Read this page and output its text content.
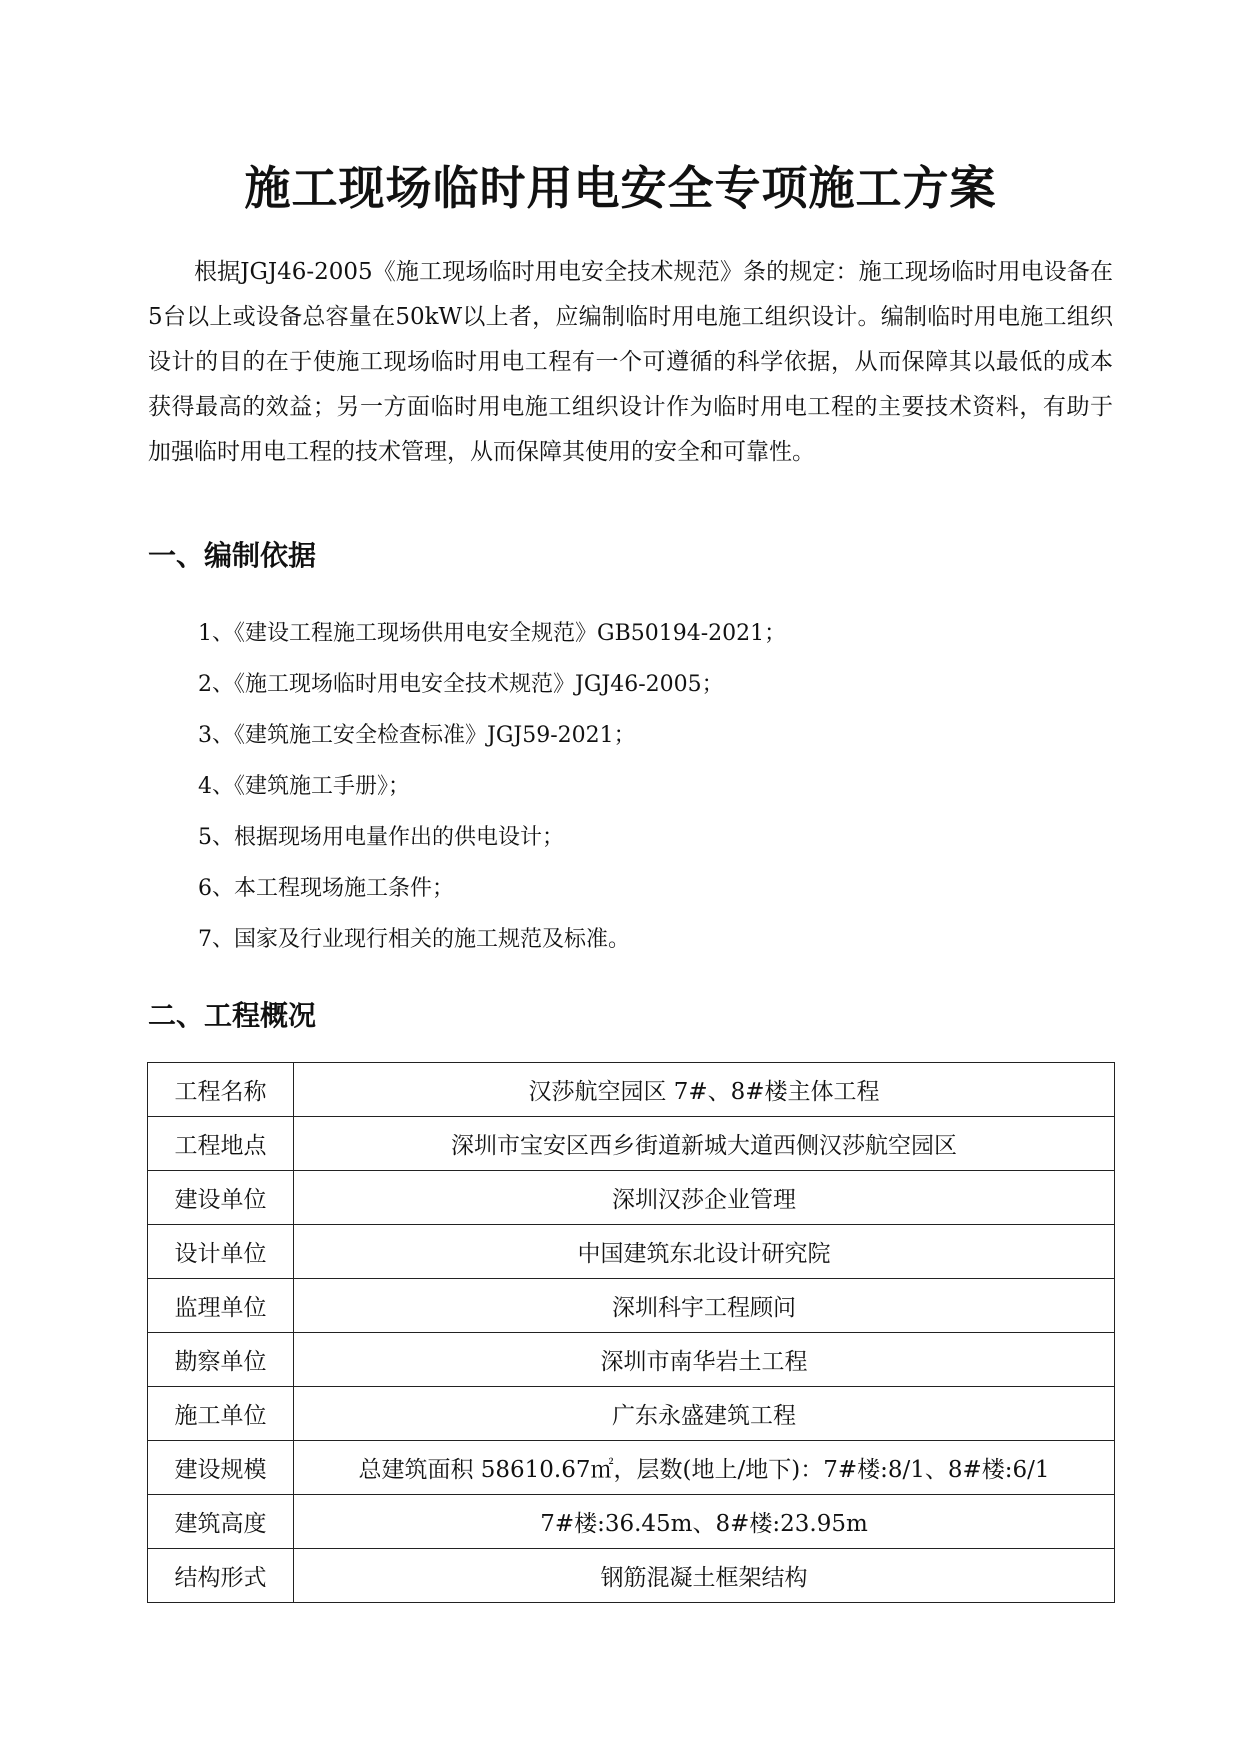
施工现场临时用电安全专项施工方案

根据JGJ46-2005《施工现场临时用电安全技术规范》条的规定：施工现场临时用电设备在5台以上或设备总容量在50kW以上者，应编制临时用电施工组织设计。编制临时用电施工组织设计的目的在于使施工现场临时用电工程有一个可遵循的科学依据，从而保障其以最低的成本获得最高的效益；另一方面临时用电施工组织设计作为临时用电工程的主要技术资料，有助于加强临时用电工程的技术管理，从而保障其使用的安全和可靠性。

一、编制依据
1、《建设工程施工现场供用电安全规范》GB50194-2021；
2、《施工现场临时用电安全技术规范》JGJ46-2005；
3、《建筑施工安全检查标准》JGJ59-2021；
4、《建筑施工手册》；
5、根据现场用电量作出的供电设计；
6、本工程现场施工条件；
7、国家及行业现行相关的施工规范及标准。
二、工程概况
工程名称	汉莎航空园区 7#、8#楼主体工程
工程地点	深圳市宝安区西乡街道新城大道西侧汉莎航空园区
建设单位	深圳汉莎企业管理
设计单位	中国建筑东北设计研究院
监理单位	深圳科宇工程顾问
勘察单位	深圳市南华岩土工程
施工单位	广东永盛建筑工程
建设规模	总建筑面积 58610.67㎡，层数(地上/地下)：7#楼:8/1、8#楼:6/1
建筑高度	7#楼:36.45m、8#楼:23.95m
结构形式	钢筋混凝土框架结构
